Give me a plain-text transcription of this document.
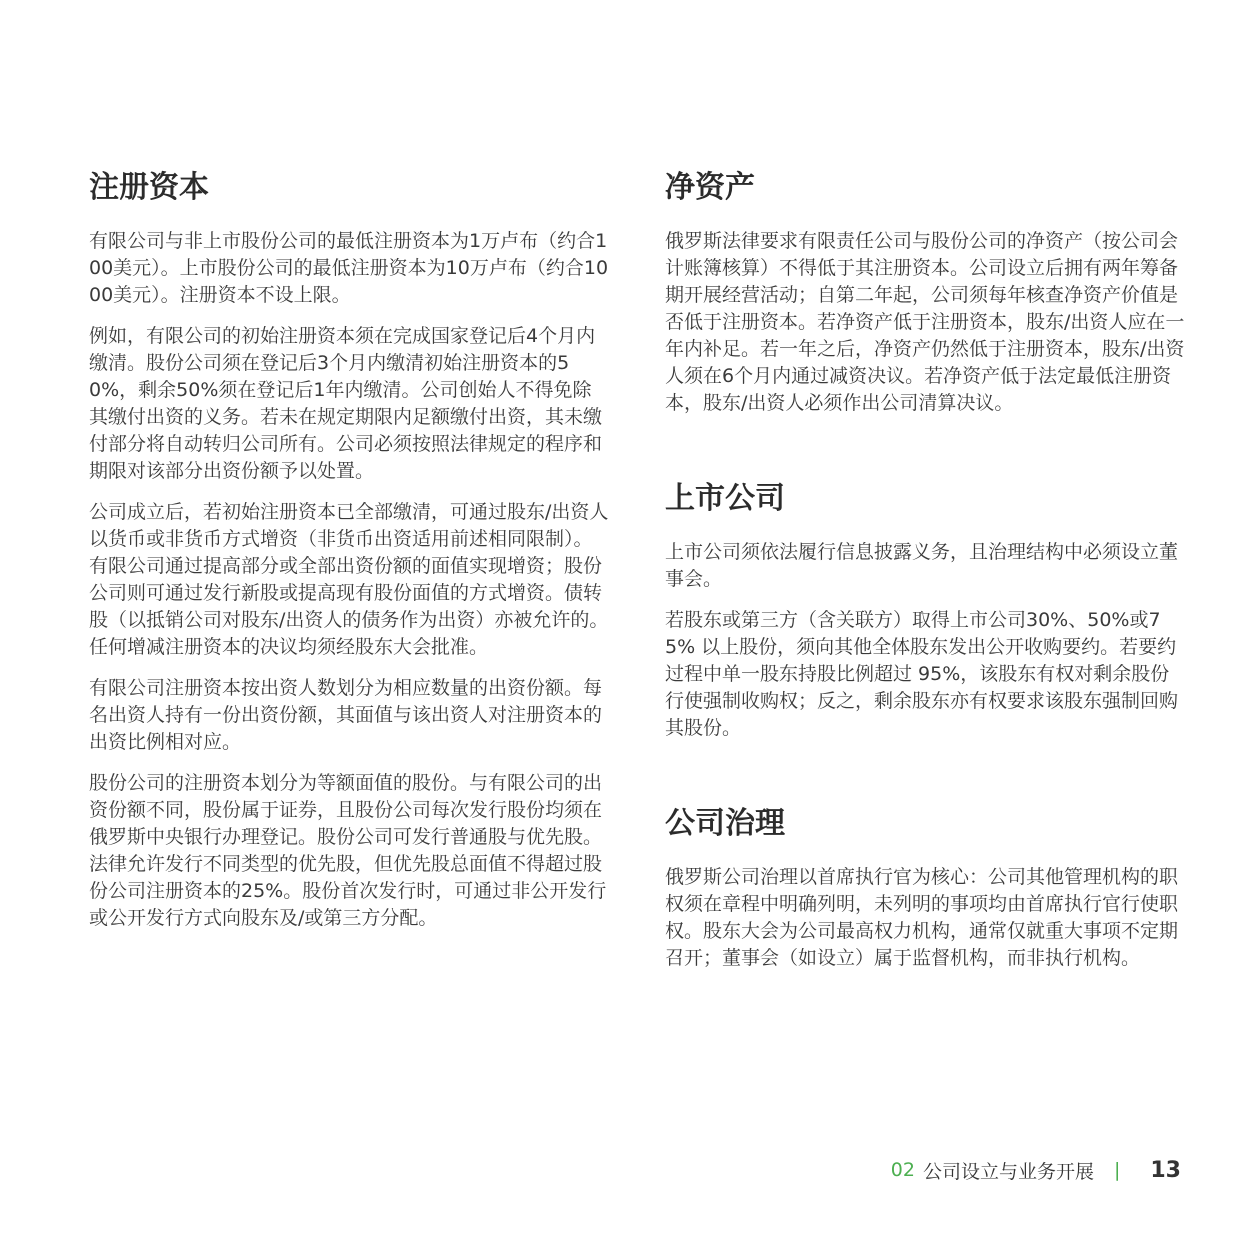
注册资本

有限公司与非上市股份公司的最低注册资本为1万卢布（约合100美元）。上市股份公司的最低注册资本为10万卢布（约合1000美元）。注册资本不设上限。

例如，有限公司的初始注册资本须在完成国家登记后4个月内缴清。股份公司须在登记后3个月内缴清初始注册资本的50%，剩余50%须在登记后1年内缴清。公司创始人不得免除其缴付出资的义务。若未在规定期限内足额缴付出资，其未缴付部分将自动转归公司所有。公司必须按照法律规定的程序和期限对该部分出资份额予以处置。

公司成立后，若初始注册资本已全部缴清，可通过股东/出资人以货币或非货币方式增资（非货币出资适用前述相同限制）。有限公司通过提高部分或全部出资份额的面值实现增资；股份公司则可通过发行新股或提高现有股份面值的方式增资。债转股（以抵销公司对股东/出资人的债务作为出资）亦被允许的。任何增减注册资本的决议均须经股东大会批准。

有限公司注册资本按出资人数划分为相应数量的出资份额。每名出资人持有一份出资份额，其面值与该出资人对注册资本的出资比例相对应。

股份公司的注册资本划分为等额面值的股份。与有限公司的出资份额不同，股份属于证券，且股份公司每次发行股份均须在俄罗斯中央银行办理登记。股份公司可发行普通股与优先股。法律允许发行不同类型的优先股，但优先股总面值不得超过股份公司注册资本的25%。股份首次发行时，可通过非公开发行或公开发行方式向股东及/或第三方分配。

净资产

俄罗斯法律要求有限责任公司与股份公司的净资产（按公司会计账簿核算）不得低于其注册资本。公司设立后拥有两年筹备期开展经营活动；自第二年起，公司须每年核查净资产价值是否低于注册资本。若净资产低于注册资本，股东/出资人应在一年内补足。若一年之后，净资产仍然低于注册资本，股东/出资人须在6个月内通过减资决议。若净资产低于法定最低注册资本，股东/出资人必须作出公司清算决议。

上市公司

上市公司须依法履行信息披露义务，且治理结构中必须设立董事会。

若股东或第三方（含关联方）取得上市公司30%、50%或75% 以上股份，须向其他全体股东发出公开收购要约。若要约过程中单一股东持股比例超过 95%，该股东有权对剩余股份行使强制收购权；反之，剩余股东亦有权要求该股东强制回购其股份。

公司治理

俄罗斯公司治理以首席执行官为核心：公司其他管理机构的职权须在章程中明确列明，未列明的事项均由首席执行官行使职权。股东大会为公司最高权力机构，通常仅就重大事项不定期召开；董事会（如设立）属于监督机构，而非执行机构。

02 公司设立与业务开展 | 13
